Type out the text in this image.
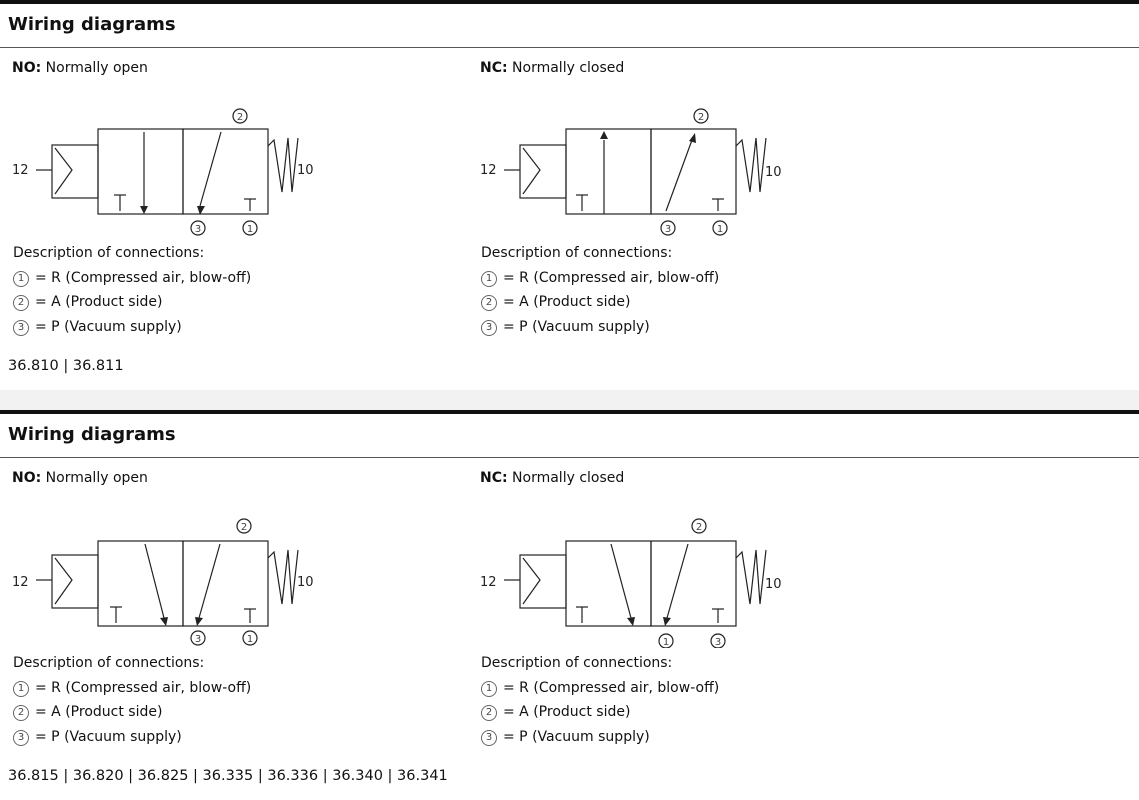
Wiring diagrams
NO: Normally open
12	10
2
3	1
Description of connections:
1 = R (Compressed air, blow-off)
2 = A (Product side)
3 = P (Vacuum supply)
NC: Normally closed
12	10
2
3	1
Description of connections:
1 = R (Compressed air, blow-off)
2 = A (Product side)
3 = P (Vacuum supply)
36.810 | 36.811
Wiring diagrams
NO: Normally open
12	10
2
3	1
Description of connections:
1 = R (Compressed air, blow-off)
2 = A (Product side)
3 = P (Vacuum supply)
NC: Normally closed
12	10
2
1	3
Description of connections:
1 = R (Compressed air, blow-off)
2 = A (Product side)
3 = P (Vacuum supply)
36.815 | 36.820 | 36.825 | 36.335 | 36.336 | 36.340 | 36.341
